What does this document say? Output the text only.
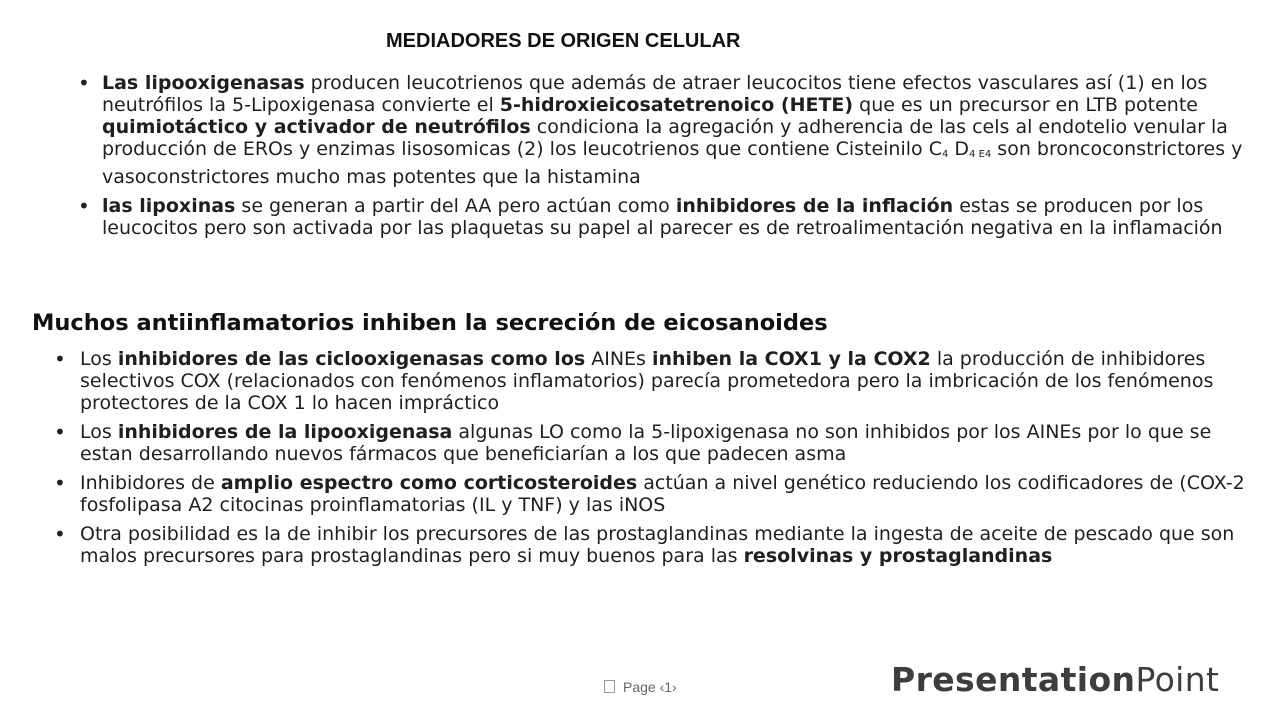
MEDIADORES DE ORIGEN CELULAR
• Las lipooxigenasas producen leucotrienos que además de atraer leucocitos tiene efectos vasculares así (1) en los neutrófilos la 5-Lipoxigenasa convierte el 5-hidroxieicosatetrenoico (HETE) que es un precursor en LTB potente quimiotáctico y activador de neutrófilos condiciona la agregación y adherencia de las cels al endotelio venular la producción de EROs y enzimas lisosomicas (2) los leucotrienos que contiene Cisteinilo $C_4$ $D_4$ $_{E4}$ son broncoconstrictores y vasoconstrictores mucho mas potentes que la histamina
• las lipoxinas se generan a partir del AA pero actúan como inhibidores de la inflación estas se producen por los leucocitos pero son activada por las plaquetas su papel al parecer es de retroalimentación negativa en la inflamación
Muchos antiinflamatorios inhiben la secreción de eicosanoides
• Los inhibidores de las ciclooxigenasas como los AINEs inhiben la COX1 y la COX2 la producción de inhibidores selectivos COX (relacionados con fenómenos inflamatorios) parecía prometedora pero la imbricación de los fenómenos protectores de la COX 1 lo hacen impráctico
• Los inhibidores de la lipooxigenasa algunas LO como la 5-lipoxigenasa no son inhibidos por los AINEs por lo que se estan desarrollando nuevos fármacos que beneficiarían a los que padecen asma
• Inhibidores de amplio espectro como corticosteroides actúan a nivel genético reduciendo los codificadores de (COX-2 fosfolipasa A2 citocinas proinflamatorias (IL y TNF) y las iNOS
• Otra posibilidad es la de inhibir los precursores de las prostaglandinas mediante la ingesta de aceite de pescado que son malos precursores para prostaglandinas pero si muy buenos para las resolvinas y prostaglandinas
Page ‹1›	PresentationPoint
